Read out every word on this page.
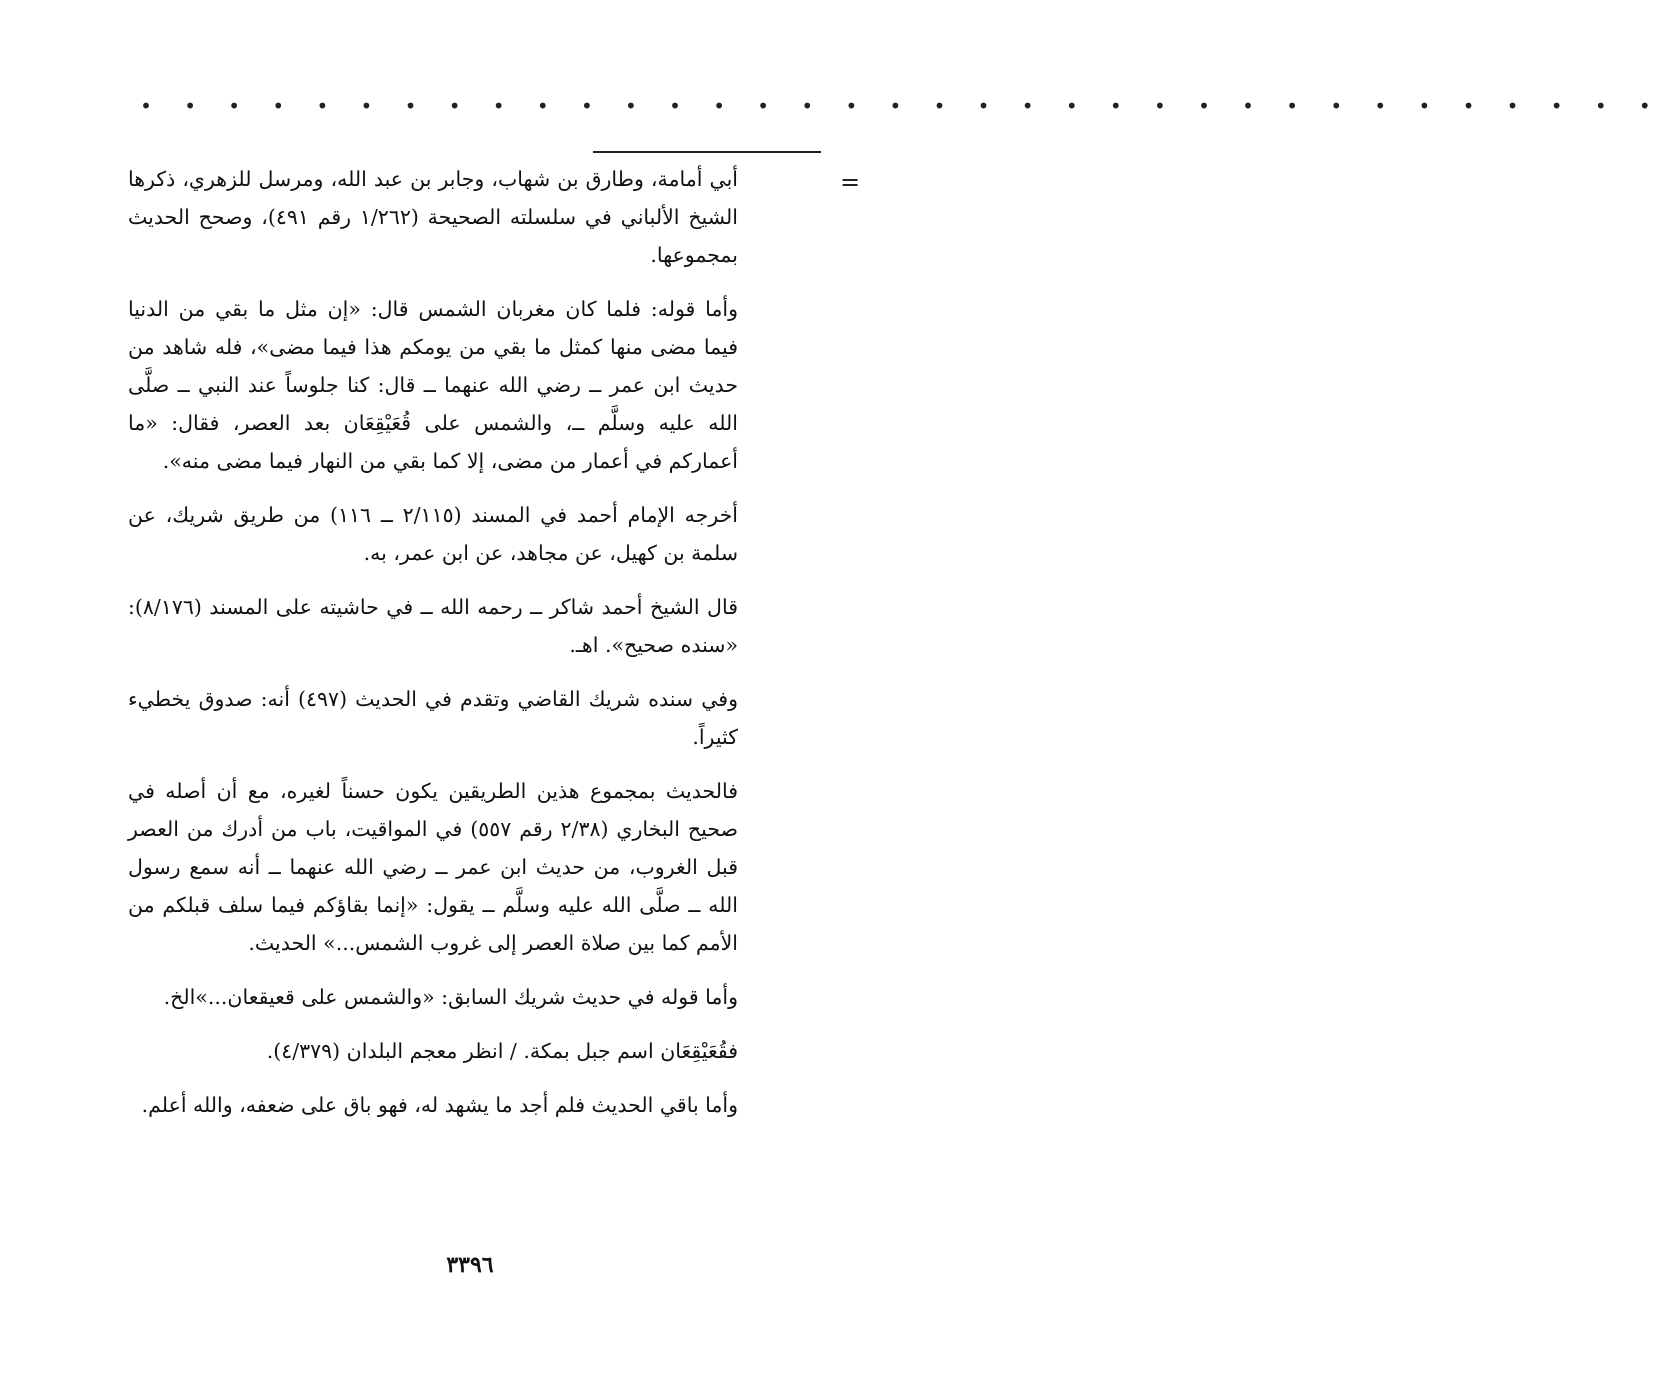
• • • • • • • • • • • • • • • • • • • • • • • • • • • • • • • • • • •
=

أبي أمامة، وطارق بن شهاب، وجابر بن عبد الله، ومرسل للزهري، ذكرها الشيخ الألباني في سلسلته الصحيحة (١/٢٦٢ رقم ٤٩١)، وصحح الحديث بمجموعها.

وأما قوله: فلما كان مغربان الشمس قال: «إن مثل ما بقي من الدنيا فيما مضى منها كمثل ما بقي من يومكم هذا فيما مضى»، فله شاهد من حديث ابن عمر ــ رضي الله عنهما ــ قال: كنا جلوساً عند النبي ــ صلَّى الله عليه وسلَّم ــ، والشمس على قُعَيْقِعَان بعد العصر، فقال: «ما أعماركم في أعمار من مضى، إلا كما بقي من النهار فيما مضى منه».

أخرجه الإمام أحمد في المسند (٢/١١٥ ــ ١١٦) من طريق شريك، عن سلمة بن كهيل، عن مجاهد، عن ابن عمر، به.

قال الشيخ أحمد شاكر ــ رحمه الله ــ في حاشيته على المسند (٨/١٧٦): «سنده صحيح». اهـ.

وفي سنده شريك القاضي وتقدم في الحديث (٤٩٧) أنه: صدوق يخطيء كثيراً.

فالحديث بمجموع هذين الطريقين يكون حسناً لغيره، مع أن أصله في صحيح البخاري (٢/٣٨ رقم ٥٥٧) في المواقيت، باب من أدرك من العصر قبل الغروب، من حديث ابن عمر ــ رضي الله عنهما ــ أنه سمع رسول الله ــ صلَّى الله عليه وسلَّم ــ يقول: «إنما بقاؤكم فيما سلف قبلكم من الأمم كما بين صلاة العصر إلى غروب الشمس...» الحديث.

وأما قوله في حديث شريك السابق: «والشمس على قعيقعان...»الخ.

فقُعَيْقِعَان اسم جبل بمكة. / انظر معجم البلدان (٤/٣٧٩).

وأما باقي الحديث فلم أجد ما يشهد له، فهو باق على ضعفه، والله أعلم.

٣٣٩٦
